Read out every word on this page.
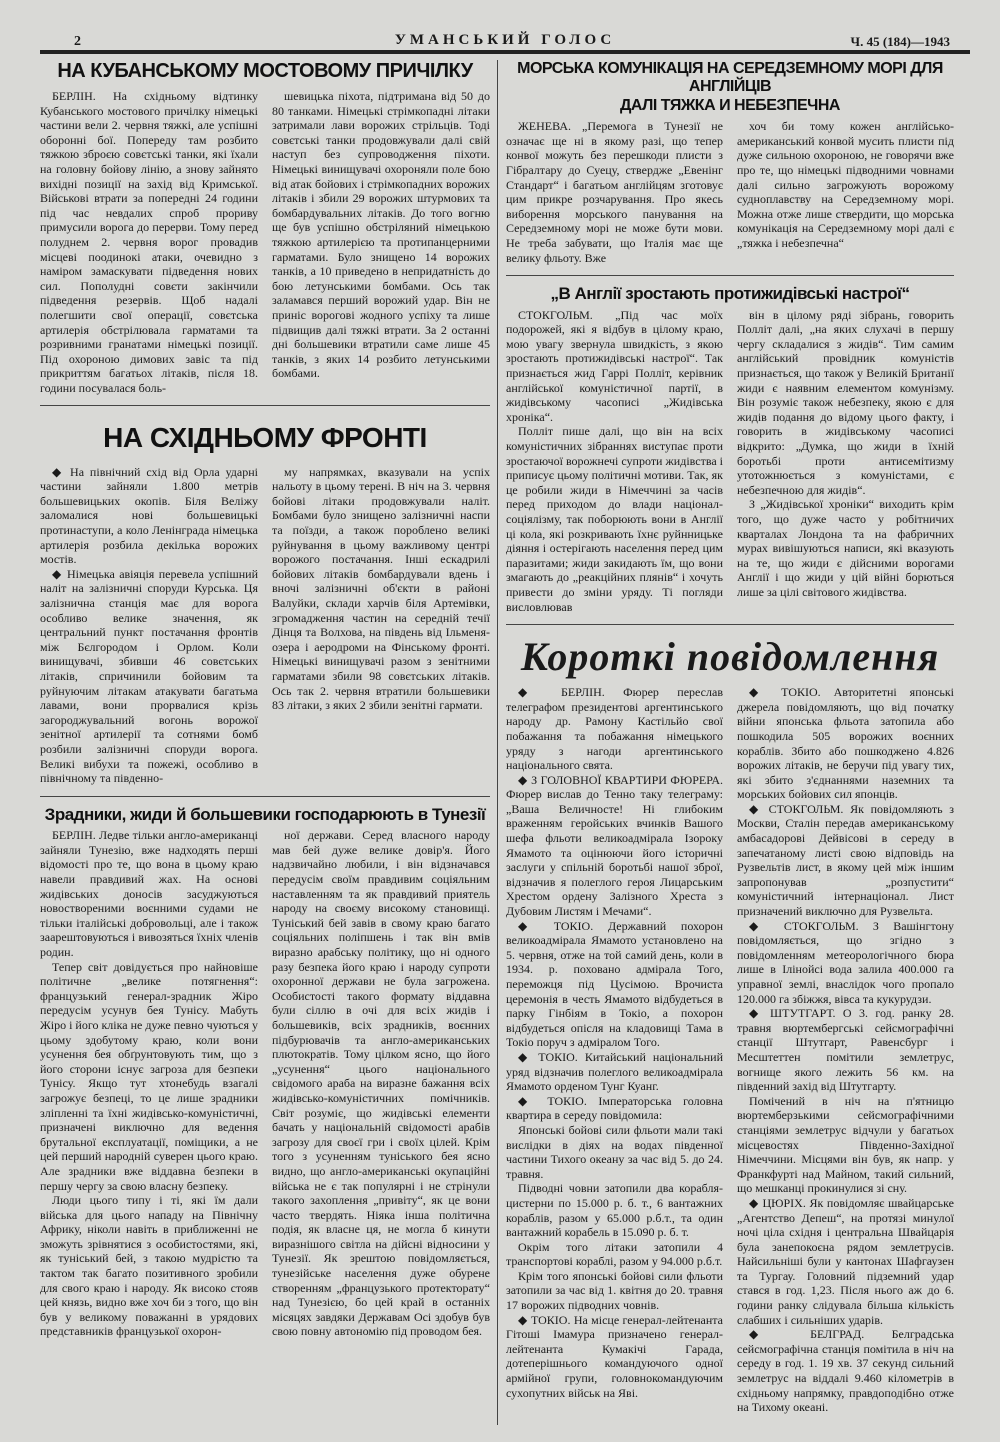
2	УМАНСЬКИЙ ГОЛОС	Ч. 45 (184)—1943
НА КУБАНСЬКОМУ МОСТОВОМУ ПРИЧІЛКУ

БЕРЛІН. На східньому відтинку Кубанського мостового причілку німецькі частини вели 2. червня тяжкі, але успішні оборонні бої. Попереду там розбито тяжкою зброєю совєтські танки, які їхали на головну бойову лінію, а знову зайнято вихідні позиції на захід від Кримської. Військові втрати за попередні 24 години під час невдалих спроб прориву примусили ворога до перерви. Тому перед полуднем 2. червня ворог провадив місцеві поодинокі атаки, очевидно з наміром замаскувати підведення нових сил. Пополудні совєти закінчили підведення резервів. Щоб надалі полегшити свої операції, совєтська артилерія обстрілювала гарматами та розривними гранатами німецькі позиції. Під охороною димових завіс та під прикриттям багатьох літаків, після 18. години посувалася боль-

шевицька піхота, підтримана від 50 до 80 танками. Німецькі стрімкопадні літаки затримали лави ворожих стрільців. Тоді совєтські танки продовжували далі свій наступ без супроводження піхоти. Німецькі винищувачі охороняли поле бою від атак бойових і стрімкопадних ворожих літаків і збили 29 ворожих штурмових та бомбардувальних літаків. До того вогню ще був успішно обстріляний німецькою тяжкою артилерією та протипанцерними гарматами. Було знищено 14 ворожих танків, а 10 приведено в непридатність до бою летунськими бомбами. Ось так заламався перший ворожий удар. Він не приніс ворогові жодного успіху та лише підвищив далі тяжкі втрати. За 2 останні дні большевики втратили саме лише 45 танків, з яких 14 розбито летунськими бомбами.

НА СХІДНЬОМУ ФРОНТІ

◆ На північний схід від Орла ударні частини зайняли 1.800 метрів большевицьких окопів. Біля Веліжу заломалися нові большевицькі протинаступи, а коло Ленінграда німецька артилерія розбила декілька ворожих мостів.

◆ Німецька авіяція перевела успішний наліт на залізничні споруди Курська. Ця залізнична станція має для ворога особливо велике значення, як центральний пункт постачання фронтів між Бєлгородом і Орлом. Коли винищувачі, збивши 46 совєтських літаків, спричинили бойовим та руйнуючим літакам атакувати багатьма лавами, вони прорвалися крізь загороджувальний вогонь ворожої зенітної артилерії та сотнями бомб розбили залізничні споруди ворога. Великі вибухи та пожежі, особливо в північному та південно-

му напрямках, вказували на успіх нальоту в цьому терені. В ніч на 3. червня бойові літаки продовжували наліт. Бомбами було знищено залізничні наспи та поїзди, а також пороблено великі руйнування в цьому важливому центрі ворожого постачання. Інші ескадрилі бойових літаків бомбардували вдень і вночі залізничні об'єкти в районі Валуйки, склади харчів біля Артемівки, згромадження частин на середній течії Дінця та Волхова, на південь від Ільменя-озера і аеродроми на Фінському фронті. Німецькі винищувачі разом з зенітними гарматами збили 98 совєтських літаків. Ось так 2. червня втратили большевики 83 літаки, з яких 2 збили зенітні гармати.

Зрадники, жиди й большевики господарюють в Тунезії

БЕРЛІН. Ледве тільки англо-американці зайняли Тунезію, вже надходять перші відомості про те, що вона в цьому краю навели правдивий жах. На основі жидівських доносів засуджуються новоствореними воєнними судами не тільки італійські добровольці, але і також заарештовуються і вивозяться їхніх членів родин.

Тепер світ довідується про найновіше політичне „велике потягнення“: французький генерал-зрадник Жіро передусім усунув бея Тунісу. Мабуть Жіро і його кліка не дуже певно чуються у цьому здобутому краю, коли вони усунення бея обґрунтовують тим, що з його сторони існує загроза для безпеки Тунісу. Якщо тут хтонебудь взагалі загрожує безпеці, то це лише зрадники зліпленні та їхні жидівсько-комуністичні, призначені виключно для ведення брутальної експлуатації, поміщики, а не цей перший народній суверен цього краю. Але зрадники вже віддавна безпеки в першу чергу за свою власну безпеку.

Люди цього типу і ті, які їм дали війська для цього нападу на Північну Африку, ніколи навіть в приближенні не зможуть зрівнятися з особистостями, які, як туніський бей, з такою мудрістю та тактом так багато позитивного зробили для свого краю і народу. Як високо стояв цей князь, видно вже хоч би з того, що він був у великому поважанні в урядових представників французької охорон-

ної держави. Серед власного народу мав бей дуже велике довір'я. Його надзвичайно любили, і він відзначався передусім своїм правдивим соціяльним наставленням та як правдивий приятель народу на своєму високому становищі. Туніський бей завів в свому краю багато соціяльних поліпшень і так він вмів виразно арабську політику, що ні одного разу безпека його краю і народу супроти охоронної держави не була загрожена. Особистості такого формату віддавна були сіллю в очі для всіх жидів і большевиків, всіх зрадників, воєнних підбурювачів та англо-американських плютократів. Тому цілком ясно, що його „усунення“ цього національного свідомого араба на виразне бажання всіх жидівсько-комуністичних помічників. Світ розуміє, що жидівські елементи бачать у національній свідомості арабів загрозу для своєї гри і своїх цілей. Крім того з усуненням туніського бея ясно видно, що англо-американські окупаційні війська не є так популярні і не стрінули такого захоплення „привіту“, як це вони часто твердять. Ніяка інша політична подія, як власне ця, не могла б кинути виразнішого світла на дійсні відносини у Тунезії. Як зрештою повідомляється, тунезійське населення дуже обурене створенням „французького протекторату“ над Тунезією, бо цей край в останніх місяцях завдяки Державам Осі здобув був свою повну автономію під проводом бея.

МОРСЬКА КОМУНІКАЦІЯ НА СЕРЕДЗЕМНОМУ МОРІ ДЛЯ АНГЛІЙЦІВ
ДАЛІ ТЯЖКА И НЕБЕЗПЕЧНА

ЖЕНЕВА. „Перемога в Тунезії не означає ще ні в якому разі, що тепер конвої можуть без перешкоди плисти з Гібралтару до Суецу, ствердже „Евенінг Стандарт“ і багатьом англійцям зготовує цим прикре розчарування. Про якесь виборення морського панування на Середземному морі не може бути мови. Не треба забувати, що Італія має ще велику фльоту. Вже

хоч би тому кожен англійсько-американський конвой мусить плисти під дуже сильною охороною, не говорячи вже про те, що німецькі підводними човнами далі сильно загрожують ворожому судноплавству на Середземному морі. Можна отже лише ствердити, що морська комунікація на Середземному морі далі є „тяжка і небезпечна“

„В Англії зростають протижидівські настрої“

СТОКГОЛЬМ. „Під час моїх подорожей, які я відбув в цілому краю, мою увагу звернула швидкість, з якою зростають протижидівські настрої“. Так признається жид Гаррі Полліт, керівник англійської комуністичної партії, в жидівському часописі „Жидівська хроніка“.

Полліт пише далі, що він на всіх комуністичних зібраннях виступає проти зростаючої ворожнечі супроти жидівства і приписує цьому політичні мотиви. Так, як це робили жиди в Німеччині за часів перед приходом до влади націонал-соціялізму, так поборюють вони в Англії ці кола, які розкривають їхнє руйнницьке діяння і остерігають населення перед цим паразитами; жиди закидають їм, що вони змагають до „реакційних плянів“ і хочуть привести до зміни уряду. Ті погляди висловлював

він в цілому ряді зібрань, говорить Полліт далі, „на яких слухачі в першу чергу складалися з жидів“. Тим самим англійський провідник комуністів признається, що також у Великій Британії жиди є наявним елементом комунізму. Він розуміє також небезпеку, якою є для жидів подання до відому цього факту, і говорить в жидівському часописі відкрито: „Думка, що жиди в їхній боротьбі проти антисемітизму утотожнюється з комуністами, є небезпечною для жидів“.

З „Жидівської хроніки“ виходить крім того, що дуже часто у робітничих кварталах Лондона та на фабричних мурах вивішуються написи, які вказують на те, що жиди є дійсними ворогами Англії і що жиди у цій війні борються лише за цілі світового жидівства.

Короткі повідомлення

◆ БЕРЛІН. Фюрер переслав телеграфом президентові аргентинського народу др. Рамону Кастільйо свої побажання та побажання німецького уряду з нагоди аргентинського національного свята.

◆ З ГОЛОВНОЇ КВАРТИРИ ФЮРЕРА. Фюрер вислав до Тенно таку телеграму: „Ваша Величносте! Ні глибоким враженням геройських вчинків Вашого шефа фльоти великоадмірала Ізороку Ямамото та оцінюючи його історичні заслуги у спільній боротьбі нашої зброї, відзначив я полеглого героя Лицарським Хрестом ордену Залізного Хреста з Дубовим Листям і Мечами“.

◆ ТОКІО. Державний похорон великоадмірала Ямамото установлено на 5. червня, отже на той самий день, коли в 1934. р. поховано адмірала Того, переможця під Цусімою. Врочиста церемонія в честь Ямамото відбудеться в парку Гінбіям в Токіо, а похорон відбудеться опісля на кладовищі Тама в Токіо поруч з адміралом Того.

◆ ТОКІО. Китайський національний уряд відзначив полеглого великоадмірала Ямамото орденом Тунг Куанг.

◆ ТОКІО. Імператорська головна квартира в середу повідомила:

Японські бойові сили фльоти мали такі вислідки в діях на водах південної частини Тихого океану за час від 5. до 24. травня.

Підводні човни затопили два корабля-цистерни по 15.000 р. б. т., 6 вантажних кораблів, разом у 65.000 р.б.т., та один вантажний корабель в 15.090 р. б. т.

Окрім того літаки затопили 4 транспортові кораблі, разом у 94.000 р.б.т.

Крім того японські бойові сили фльоти затопили за час від 1. квітня до 20. травня 17 ворожих підводних човнів.

◆ ТОКІО. На місце генерал-лейтенанта Гітоші Імамура призначено генерал-лейтенанта Кумакічі Гарада, дотеперішнього командуючого одної армійної групи, головнокомандуючим сухопутних військ на Яві.

◆ ТОКІО. Авторитетні японські джерела повідомляють, що від початку війни японська фльота затопила або пошкодила 505 ворожих воєнних кораблів. Збито або пошкоджено 4.826 ворожих літаків, не беручи під увагу тих, які збито з'єднаннями наземних та морських бойових сил японців.

◆ СТОКГОЛЬМ. Як повідомляють з Москви, Сталін передав американському амбасадорові Дейвісові в середу в запечатаному листі свою відповідь на Рузвельтів лист, в якому цей між іншим запропонував „розпустити“ комуністичний інтернаціонал. Лист призначений виключно для Рузвельта.

◆ СТОКГОЛЬМ. З Вашінгтону повідомляється, що згідно з повідомленням метеорологічного бюра лише в Ілінойсі вода залила 400.000 га управної землі, внаслідок чого пропало 120.000 га збіжжя, вівса та кукурудзи.

◆ ШТУТГАРТ. О 3. год. ранку 28. травня вюртембергські сейсмографічні станції Штутгарт, Равенсбург і Месштеттен помітили землетрус, вогнище якого лежить 56 км. на південний захід від Штутгарту.

Помічений в ніч на п'ятницю вюртемберзькими сейсмографічними станціями землетрус відчули у багатьох місцевостях Південно-Західної Німеччини. Місцями він був, як напр. у Франкфурті над Майном, такий сильний, що мешканці прокинулися зі сну.

◆ ЦЮРІХ. Як повідомляє швайцарське „Агентство Депеш“, на протязі минулої ночі ціла східня і центральна Швайцарія була занепокоєна рядом землетрусів. Найсильніші були у кантонах Шафгаузен та Тургау. Головний підземний удар стався в год. 1,23. Після нього аж до 6. години ранку слідувала більша кількість слабших і сильніших ударів.

◆ БЕЛГРАД. Белградська сейсмографічна станція помітила в ніч на середу в год. 1. 19 хв. 37 секунд сильний землетрус на віддалі 9.460 кілометрів в східньому напрямку, правдоподібно отже на Тихому океані.
